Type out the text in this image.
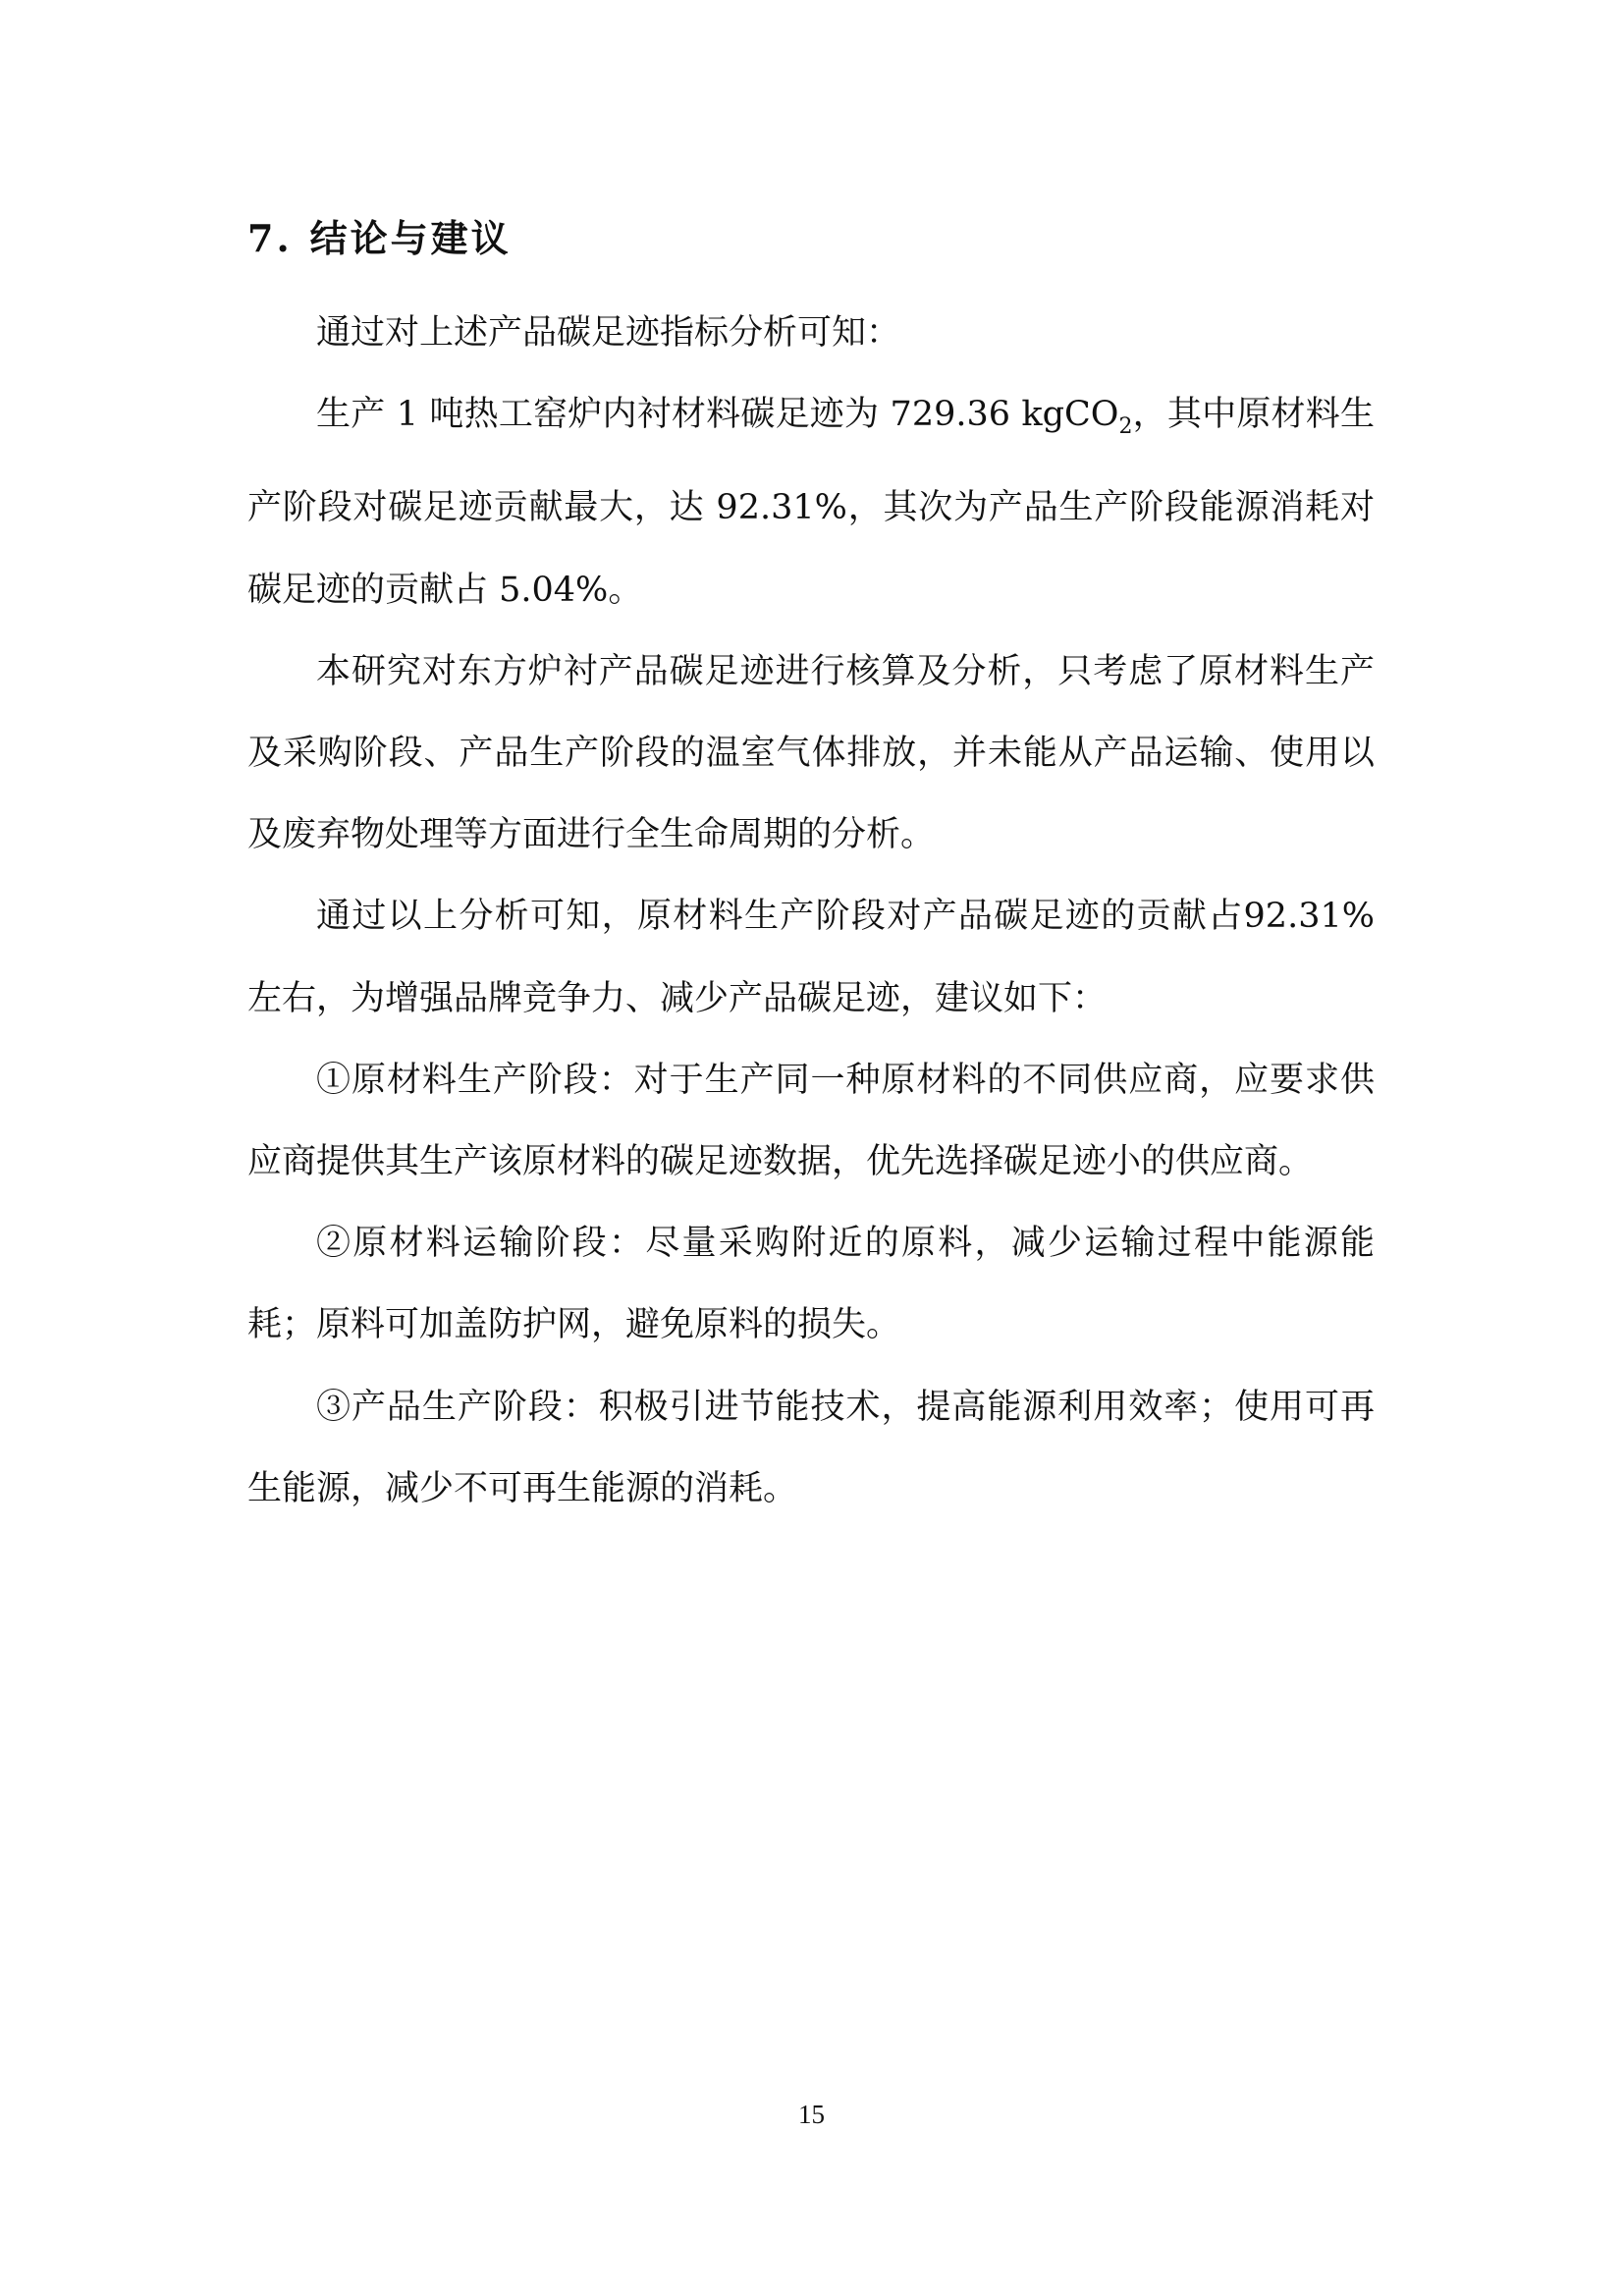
7. 结论与建议

通过对上述产品碳足迹指标分析可知：

生产 1 吨热工窑炉内衬材料碳足迹为 729.36 kgCO$_2$，其中原材料生产阶段对碳足迹贡献最大，达 92.31%，其次为产品生产阶段能源消耗对碳足迹的贡献占 5.04%。

本研究对东方炉衬产品碳足迹进行核算及分析，只考虑了原材料生产及采购阶段、产品生产阶段的温室气体排放，并未能从产品运输、使用以及废弃物处理等方面进行全生命周期的分析。

通过以上分析可知，原材料生产阶段对产品碳足迹的贡献占92.31%左右，为增强品牌竞争力、减少产品碳足迹，建议如下：

①原材料生产阶段：对于生产同一种原材料的不同供应商，应要求供应商提供其生产该原材料的碳足迹数据，优先选择碳足迹小的供应商。

②原材料运输阶段：尽量采购附近的原料，减少运输过程中能源能耗；原料可加盖防护网，避免原料的损失。

③产品生产阶段：积极引进节能技术，提高能源利用效率；使用可再生能源，减少不可再生能源的消耗。

15
